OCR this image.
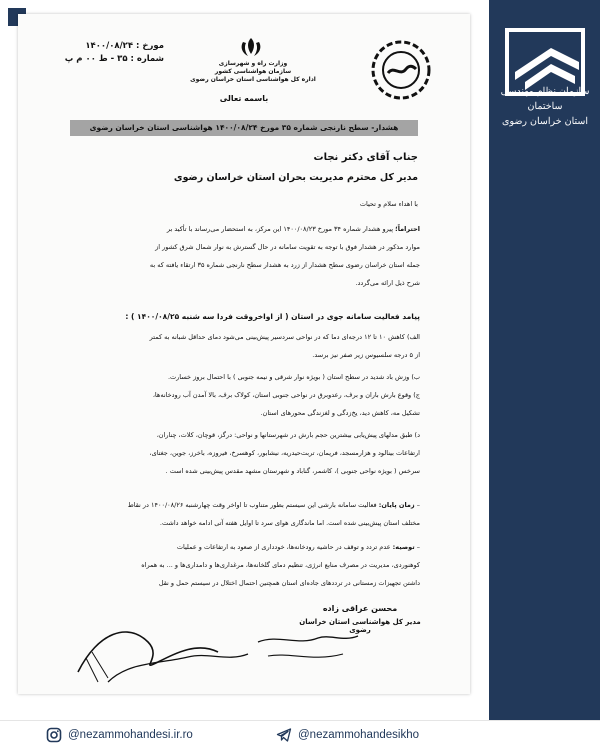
سازمان نظام مهندسی ساختمان
استان خراسان رضوی
مورخ : ۱۴۰۰/۰۸/۲۴
شماره : ۳۵ - ط ۰۰ م پ	وزارت راه و شهرسازی
سازمان هواشناسی کشور
اداره کل هواشناسی استان خراسان رضوی
باسمه تعالی
هشدار- سطح نارنجی شماره ۳۵ مورخ ۱۴۰۰/۰۸/۲۴ هواشناسی استان خراسان رضوی
جناب آقای دکتر نجات
مدیر کل محترم مدیریت بحران استان خراسان رضوی
با اهداء سلام و تحیات
احتراماً؛ پیرو هشدار شماره ۳۴ مورخ ۱۴۰۰/۰۸/۲۳ این مرکز، به استحضار می‌رساند با تأکید بر
موارد مذکور در هشدار فوق با توجه به تقویت سامانه در حال گسترش به نوار شمال شرق کشور از
جمله استان خراسان رضوی سطح هشدار از زرد به هشدار سطح نارنجی شماره ۳۵ ارتقاء یافته که به
شرح ذیل ارائه می‌گردد.
پیامد فعالیت سامانه جوی در استان ( از اواخروقت فردا سه شنبه ۱۴۰۰/۰۸/۲۵ ) :
الف) کاهش ۱۰ تا ۱۲ درجه‌ای دما که در نواحی سردسیر پیش‌بینی می‌شود دمای حداقل شبانه به کمتر
از ۵ درجه سلسیوس زیر صفر نیز برسد.
ب) وزش باد شدید در سطح استان ( بویژه نوار شرقی و نیمه جنوبی ) با احتمال بروز خسارت.
ج) وقوع بارش باران و برف، رعدوبرق در نواحی جنوبی استان، کولاک برف، بالا آمدن آب رودخانه‌ها،
تشکیل مه، کاهش دید، یخ‌زدگی و لغزندگی محورهای استان.
د) طبق مدلهای پیش‌یابی بیشترین حجم بارش در شهرستانها و نواحی: درگز، قوچان، کلات، چناران،
ارتفاعات بینالود و هزارمسجد، فریمان، تربت‌حیدریه، نیشابور، کوهسرخ، فیروزه، باخرز، جوین، جغتای،
سرخس ( بویژه نواحی جنوبی )، کاشمر، گناباد و شهرستان مشهد مقدس پیش‌بینی شده است .
– زمان پایان: فعالیت سامانه بارشی این سیستم بطور متناوب تا اواخر وقت چهارشنبه ۱۴۰۰/۰۸/۲۶ در نقاط
مختلف استان پیش‌بینی شده است. اما ماندگاری هوای سرد تا اوایل هفته آتی ادامه خواهد داشت.
– توصیه: عدم تردد و توقف در حاشیه رودخانه‌ها، خودداری از صعود به ارتفاعات و عملیات
کوهنوردی، مدیریت در مصرف منابع انرژی، تنظیم دمای گلخانه‌ها، مرغداری‌ها و دامداری‌ها و ... به همراه
داشتن تجهیزات زمستانی در ترددهای جاده‌ای استان همچنین احتمال اختلال در سیستم حمل و نقل
محسن عراقی زاده
مدیر کل هواشناسی استان خراسان رضوی
@nezammohandesi.ir.ro	@nezammohandesikho
